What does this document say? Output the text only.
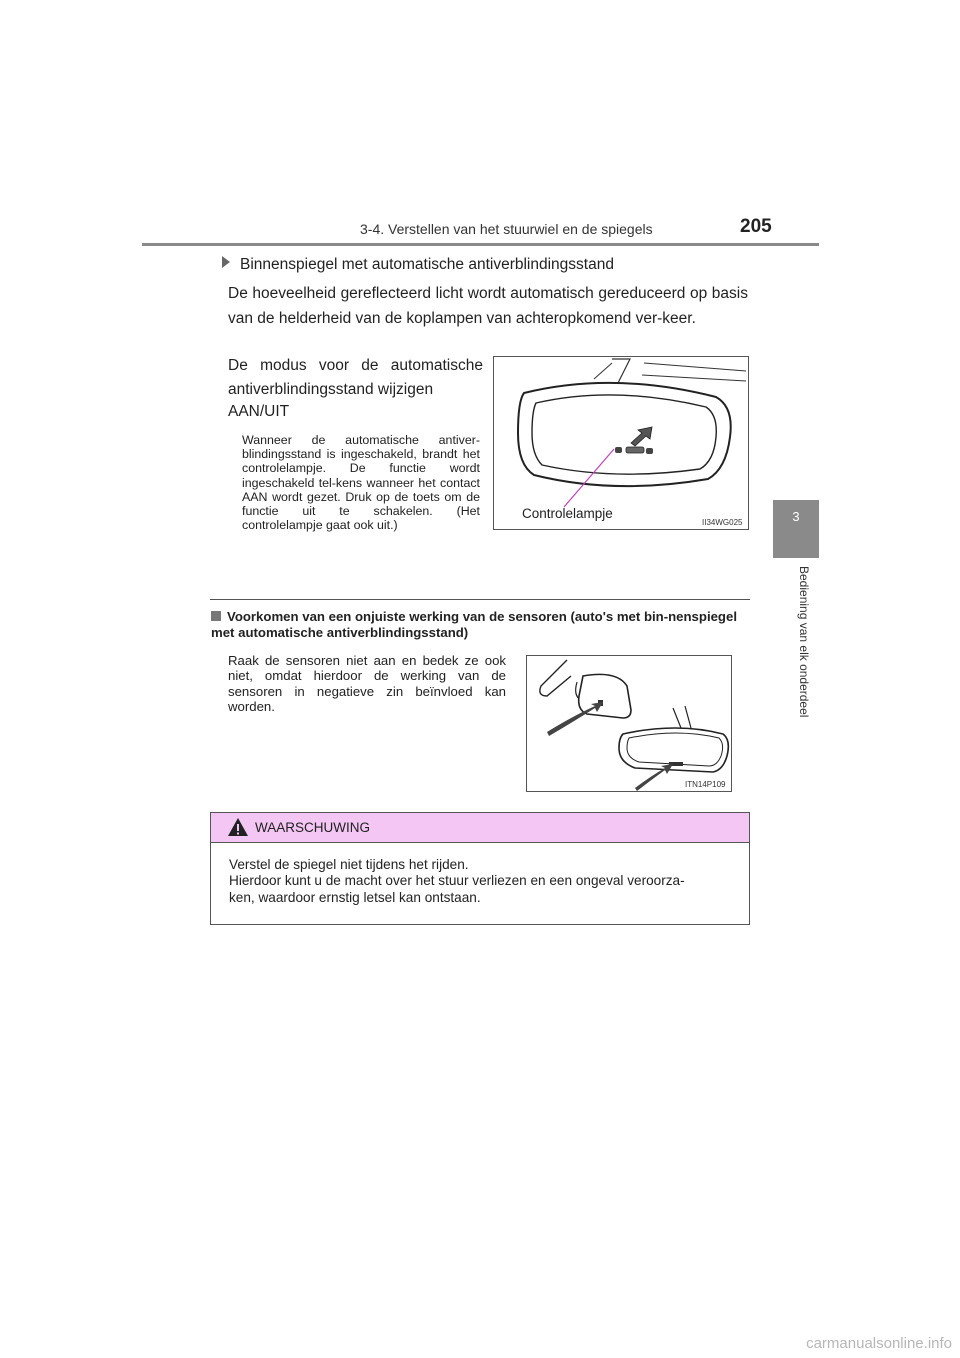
3-4. Verstellen van het stuurwiel en de spiegels	205
3
Bediening van elk onderdeel
Binnenspiegel met automatische antiverblindingsstand
De hoeveelheid gereflecteerd licht wordt automatisch gereduceerd op basis van de helderheid van de koplampen van achteropkomend ver-keer.
De modus voor de automatische antiverblindingsstand wijzigen
AAN/UIT
Wanneer de automatische antiver-blindingsstand is ingeschakeld, brandt het controlelampje. De functie wordt ingeschakeld tel-kens wanneer het contact AAN wordt gezet. Druk op de toets om de functie uit te schakelen. (Het controlelampje gaat ook uit.)
Controlelampje
II34WG025
Voorkomen van een onjuiste werking van de sensoren (auto's met bin-nenspiegel met automatische antiverblindingsstand)
Raak de sensoren niet aan en bedek ze ook niet, omdat hierdoor de werking van de sensoren in negatieve zin beïnvloed kan worden.
ITN14P109
WAARSCHUWING
Verstel de spiegel niet tijdens het rijden.
Hierdoor kunt u de macht over het stuur verliezen en een ongeval veroorza-
ken, waardoor ernstig letsel kan ontstaan.
carmanualsonline.info
